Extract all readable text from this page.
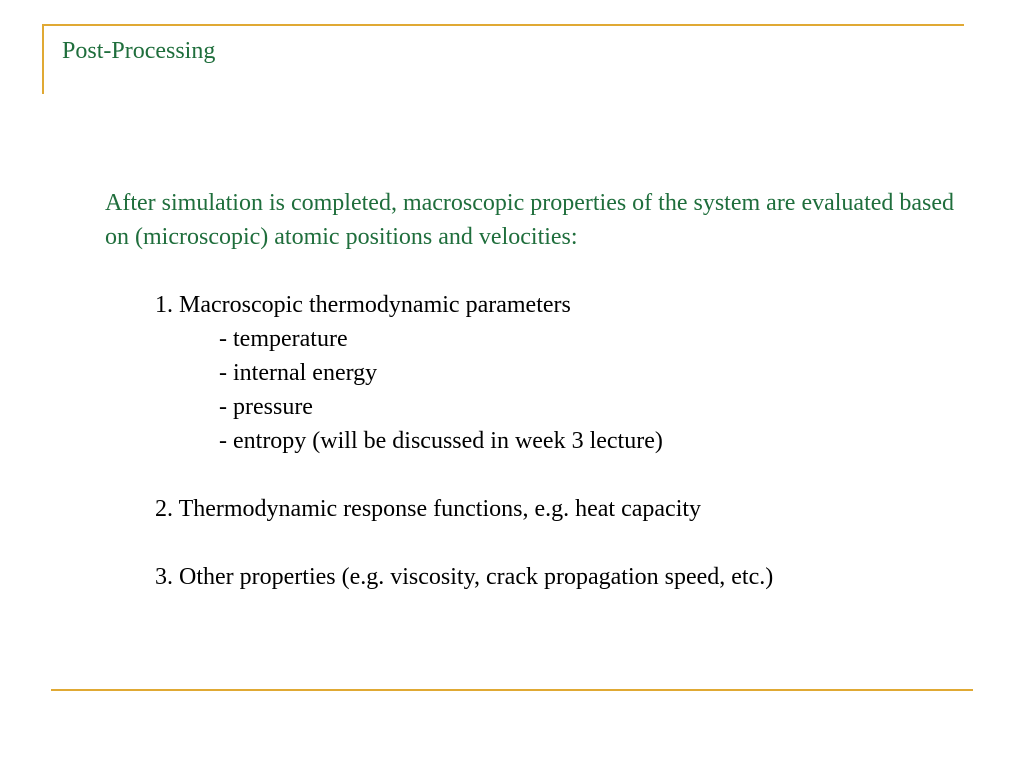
Post-Processing
After simulation is completed, macroscopic properties of the system are evaluated based on (microscopic) atomic positions and velocities:
1. Macroscopic thermodynamic parameters
- temperature
- internal energy
- pressure
- entropy (will be discussed in week 3 lecture)
2. Thermodynamic response functions, e.g. heat capacity
3. Other properties (e.g. viscosity, crack propagation speed, etc.)
